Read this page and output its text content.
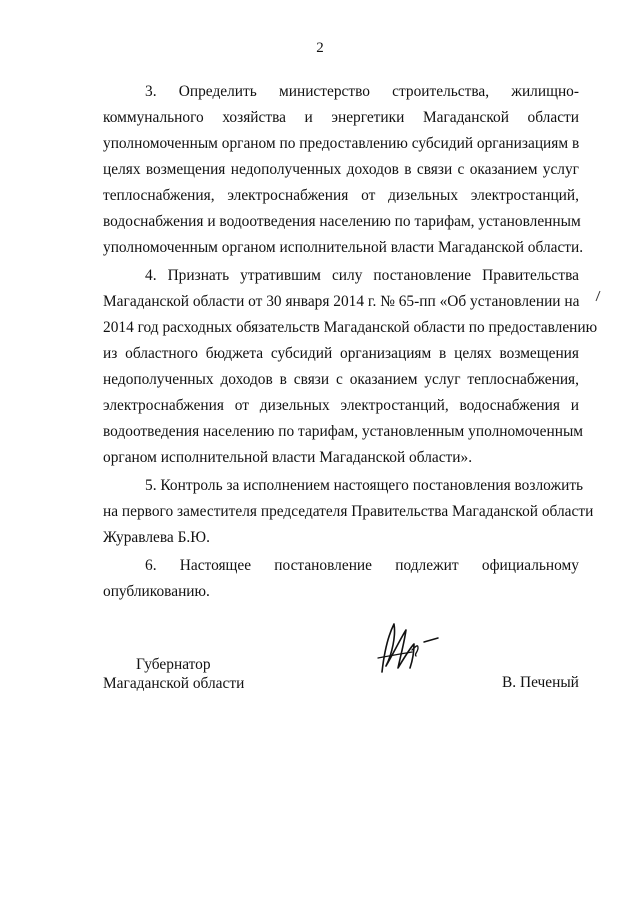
2
3. Определить министерство строительства, жилищно-
коммунального хозяйства и энергетики Магаданской области
уполномоченным органом по предоставлению субсидий организациям в
целях возмещения недополученных доходов в связи с оказанием услуг
теплоснабжения, электроснабжения от дизельных электростанций,
водоснабжения и водоотведения населению по тарифам, установленным
уполномоченным органом исполнительной власти Магаданской области.
4. Признать утратившим силу постановление Правительства
Магаданской области от 30 января 2014 г. № 65-пп «Об установлении на
2014 год расходных обязательств Магаданской области по предоставлению
из областного бюджета субсидий организациям в целях возмещения
недополученных доходов в связи с оказанием услуг теплоснабжения,
электроснабжения от дизельных электростанций, водоснабжения и
водоотведения населению по тарифам, установленным уполномоченным
органом исполнительной власти Магаданской области».
5. Контроль за исполнением настоящего постановления возложить
на первого заместителя председателя Правительства Магаданской области
Журавлева Б.Ю.
6. Настоящее постановление подлежит официальному
опубликованию.
Губернатор
Магаданской области	В. Печеный
